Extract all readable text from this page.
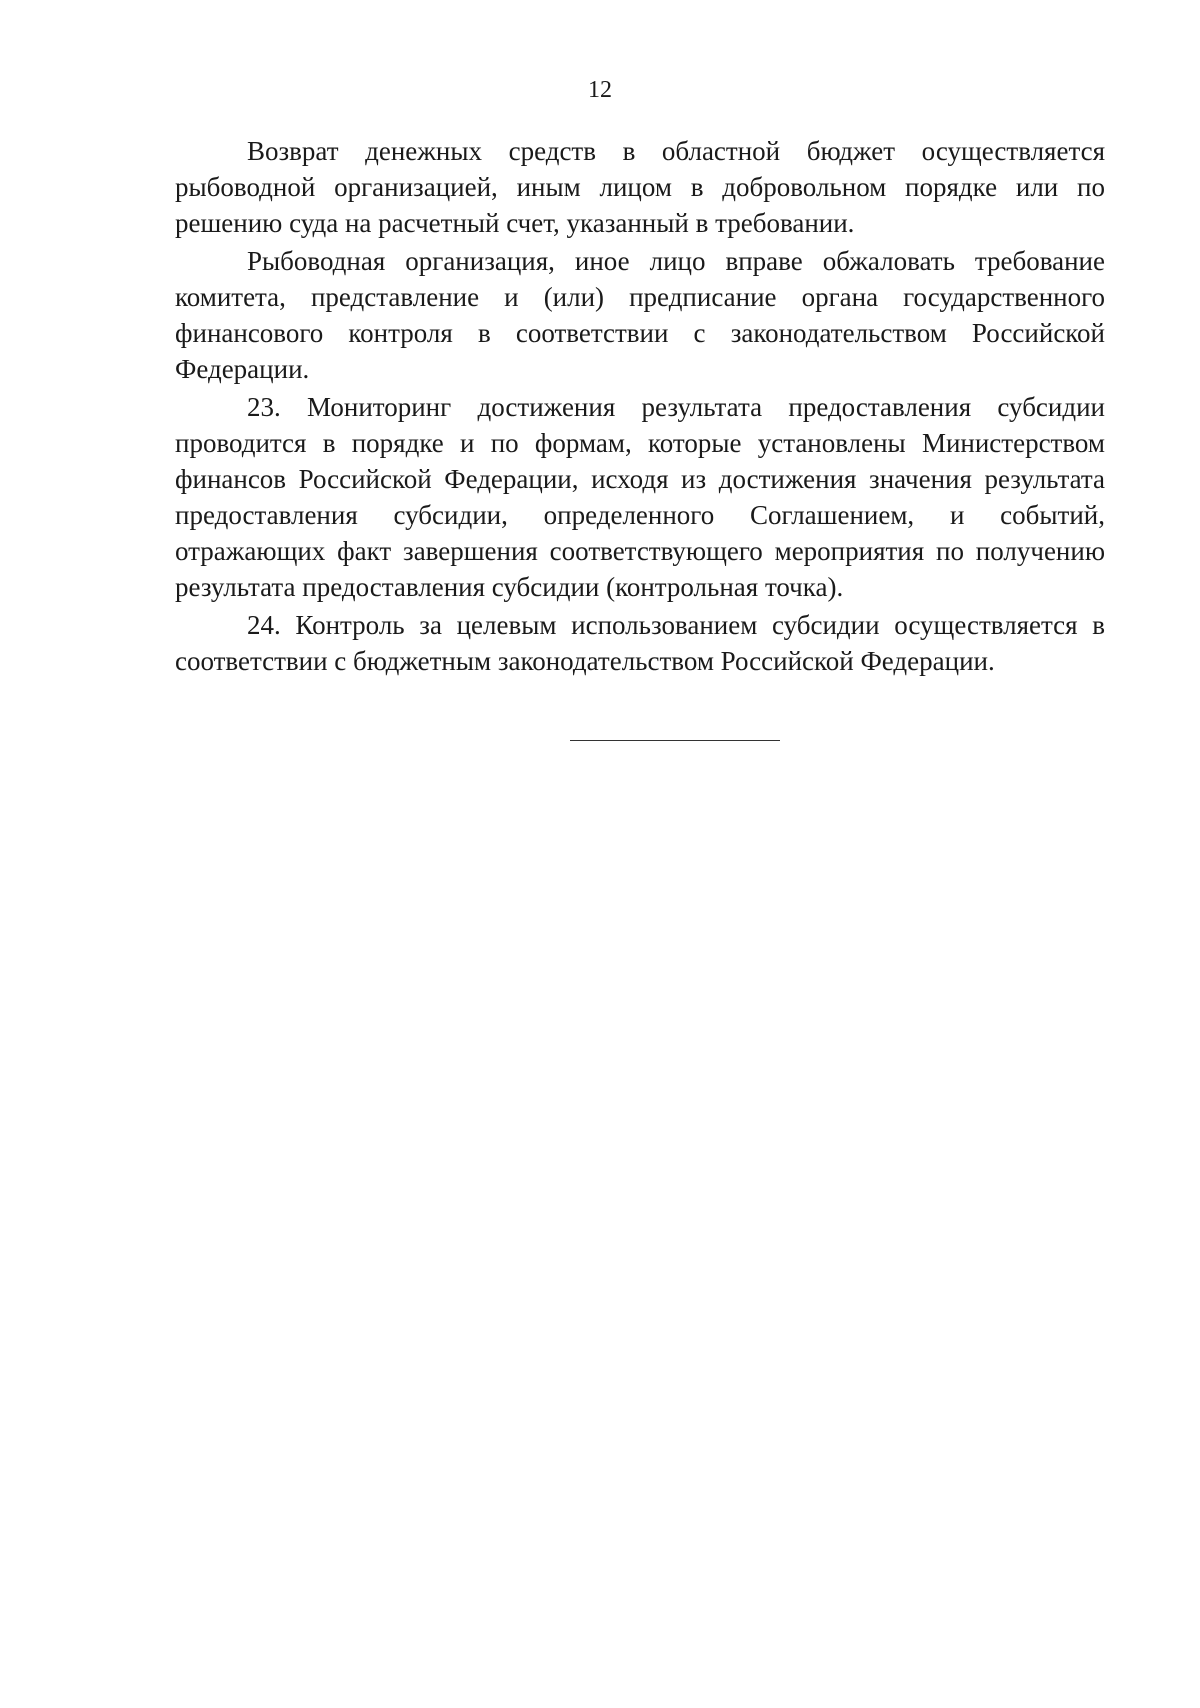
12

Возврат денежных средств в областной бюджет осуществляется рыбоводной организацией, иным лицом в добровольном порядке или по решению суда на расчетный счет, указанный в требовании.

Рыбоводная организация, иное лицо вправе обжаловать требование комитета, представление и (или) предписание органа государственного финансового контроля в соответствии с законодательством Российской Федерации.

23. Мониторинг достижения результата предоставления субсидии проводится в порядке и по формам, которые установлены Министерством финансов Российской Федерации, исходя из достижения значения результата предоставления субсидии, определенного Соглашением, и событий, отражающих факт завершения соответствующего мероприятия по получению результата предоставления субсидии (контрольная точка).

24. Контроль за целевым использованием субсидии осуществляется в соответствии с бюджетным законодательством Российской Федерации.
